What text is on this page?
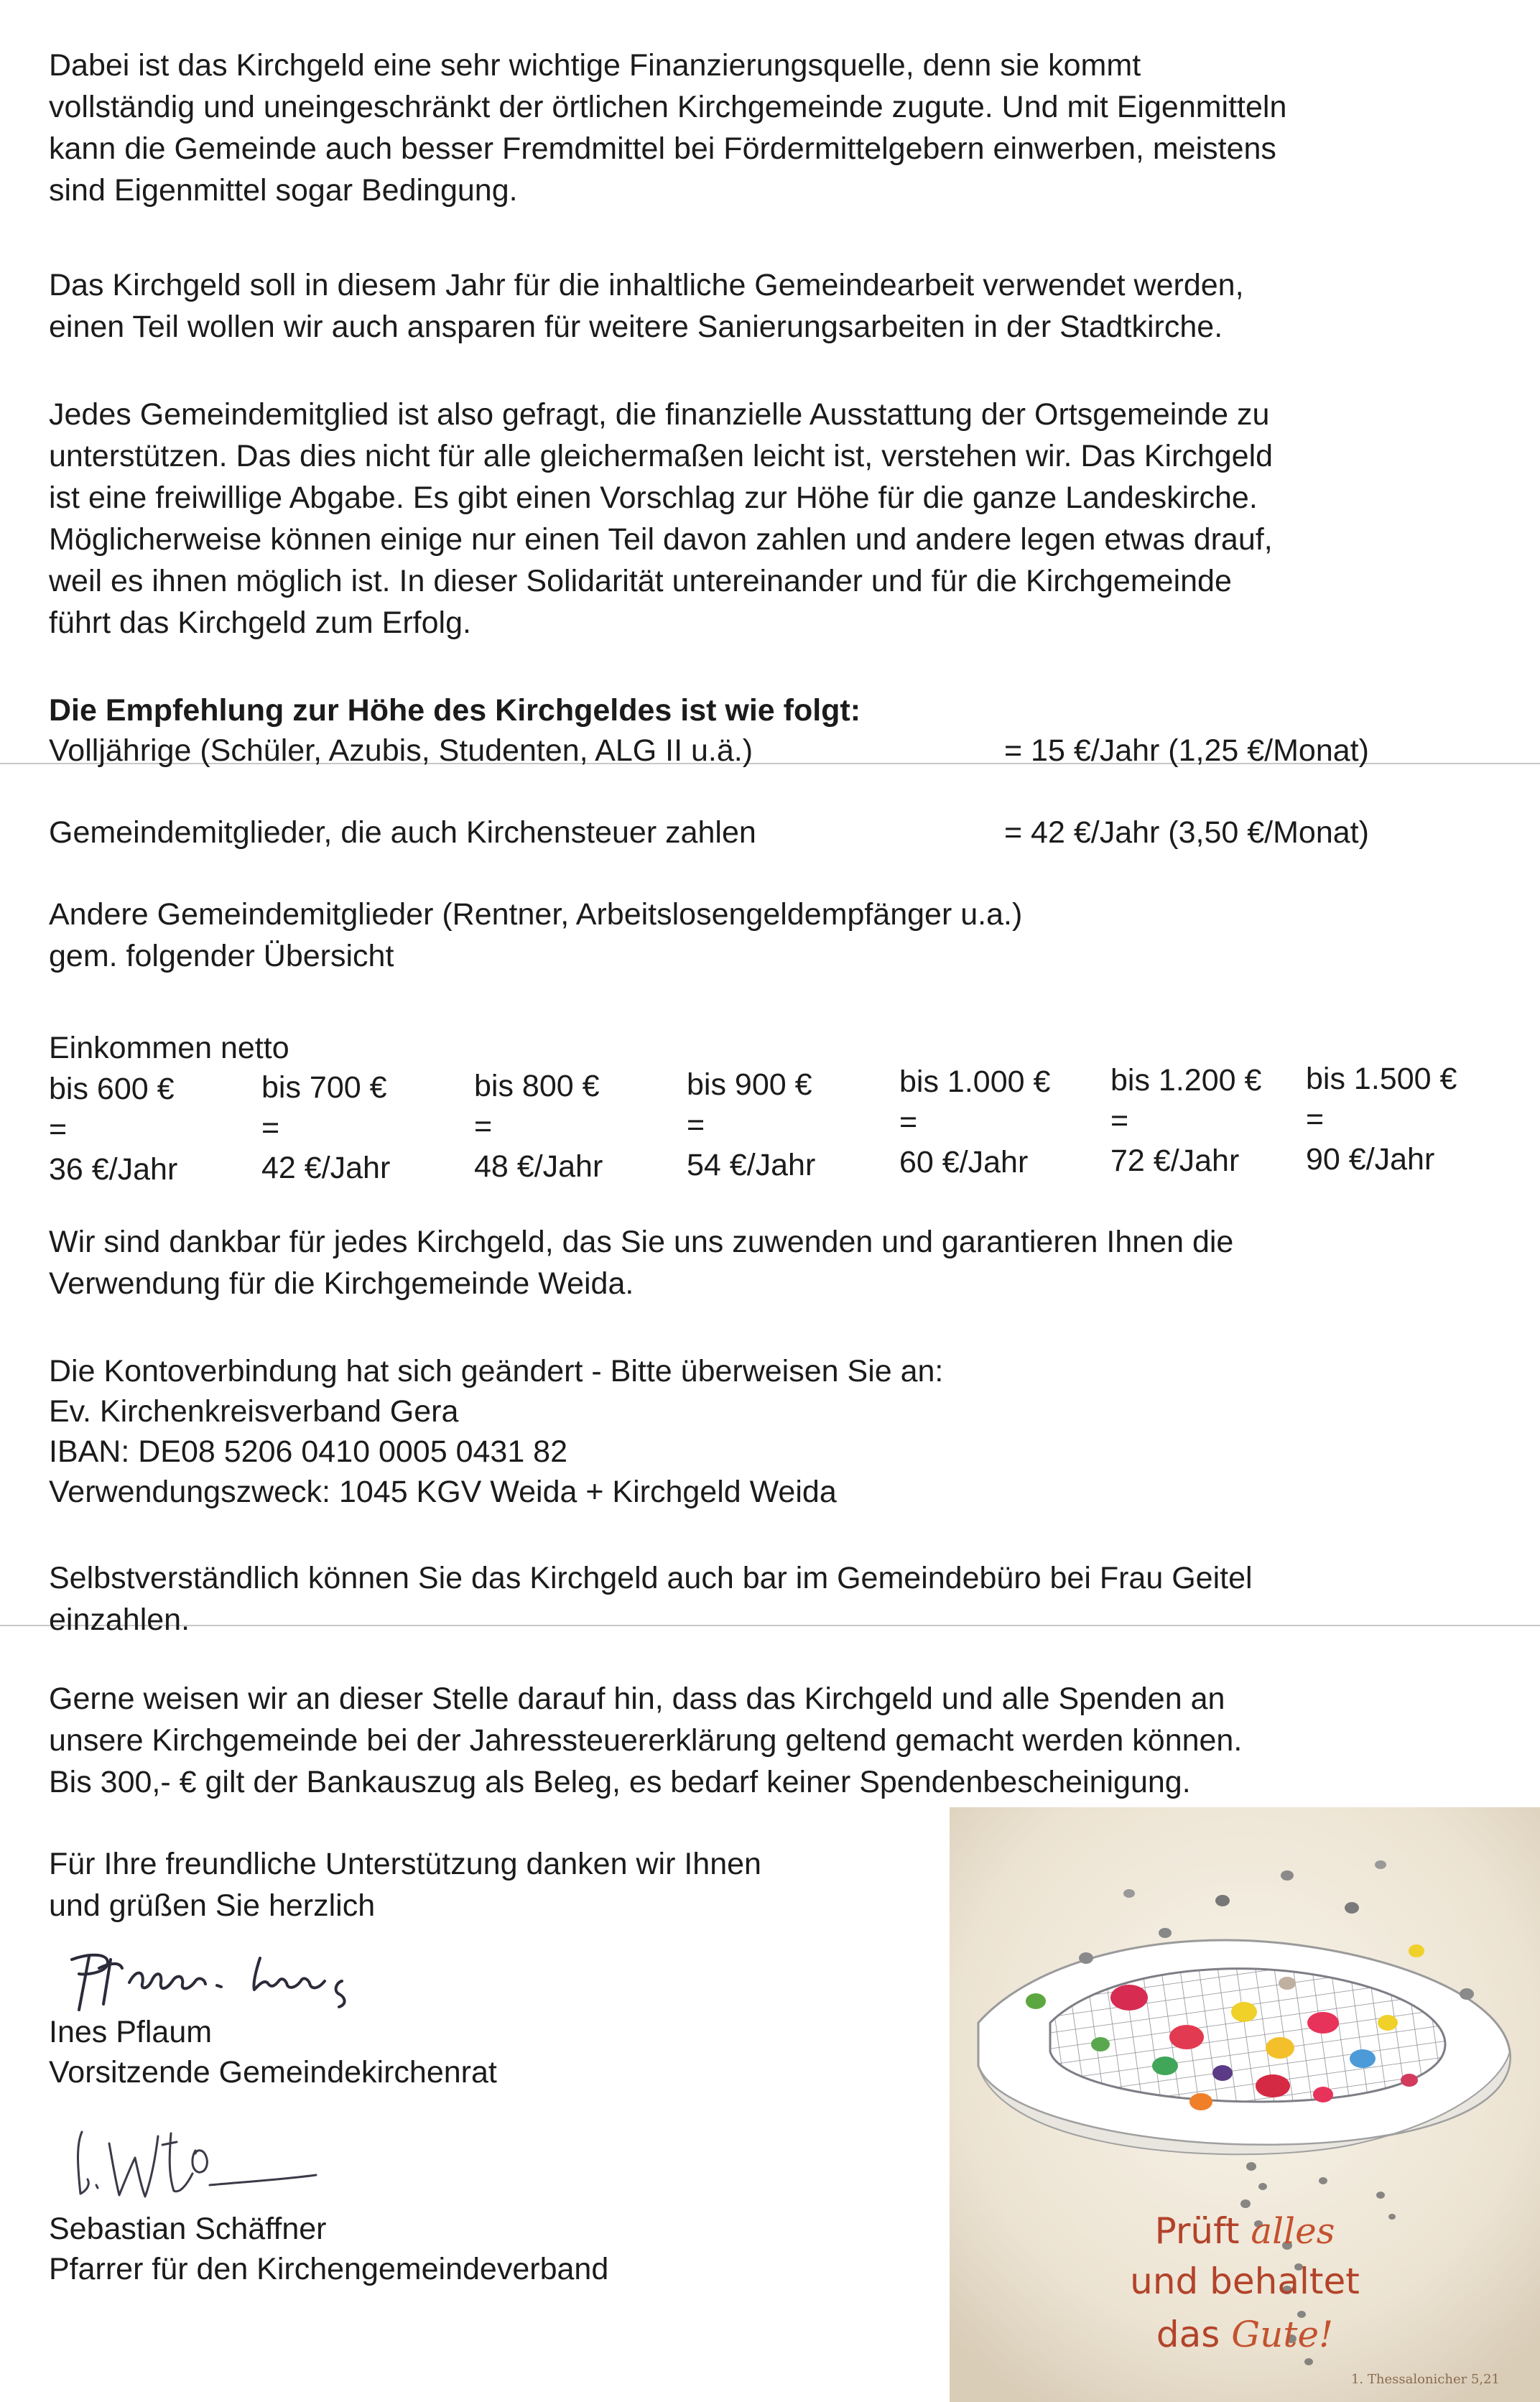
Dabei ist das Kirchgeld eine sehr wichtige Finanzierungsquelle, denn sie kommt
vollständig und uneingeschränkt der örtlichen Kirchgemeinde zugute. Und mit Eigenmitteln
kann die Gemeinde auch besser Fremdmittel bei Fördermittelgebern einwerben, meistens
sind Eigenmittel sogar Bedingung.

Das Kirchgeld soll in diesem Jahr für die inhaltliche Gemeindearbeit verwendet werden,
einen Teil wollen wir auch ansparen für weitere Sanierungsarbeiten in der Stadtkirche.

Jedes Gemeindemitglied ist also gefragt, die finanzielle Ausstattung der Ortsgemeinde zu
unterstützen. Das dies nicht für alle gleichermaßen leicht ist, verstehen wir. Das Kirchgeld
ist eine freiwillige Abgabe. Es gibt einen Vorschlag zur Höhe für die ganze Landeskirche.
Möglicherweise können einige nur einen Teil davon zahlen und andere legen etwas drauf,
weil es ihnen möglich ist. In dieser Solidarität untereinander und für die Kirchgemeinde
führt das Kirchgeld zum Erfolg.

Die Empfehlung zur Höhe des Kirchgeldes ist wie folgt:

Volljährige (Schüler, Azubis, Studenten, ALG II u.ä.)	= 15 €/Jahr (1,25 €/Monat)
Gemeindemitglieder, die auch Kirchensteuer zahlen	= 42 €/Jahr (3,50 €/Monat)

Andere Gemeindemitglieder (Rentner, Arbeitslosengeldempfänger u.a.)
gem. folgender Übersicht

Einkommen netto

bis 600 €
=
36 €/Jahr
bis 700 €
=
42 €/Jahr
bis 800 €
=
48 €/Jahr
bis 900 €
=
54 €/Jahr
bis 1.000 €
=
60 €/Jahr
bis 1.200 €
=
72 €/Jahr
bis 1.500 €
=
90 €/Jahr

Wir sind dankbar für jedes Kirchgeld, das Sie uns zuwenden und garantieren Ihnen die
Verwendung für die Kirchgemeinde Weida.

Die Kontoverbindung hat sich geändert - Bitte überweisen Sie an:
Ev. Kirchenkreisverband Gera
IBAN: DE08 5206 0410 0005 0431 82
Verwendungszweck: 1045 KGV Weida + Kirchgeld Weida

Selbstverständlich können Sie das Kirchgeld auch bar im Gemeindebüro bei Frau Geitel
einzahlen.

Gerne weisen wir an dieser Stelle darauf hin, dass das Kirchgeld und alle Spenden an
unsere Kirchgemeinde bei der Jahressteuererklärung geltend gemacht werden können.
Bis 300,- € gilt der Bankauszug als Beleg, es bedarf keiner Spendenbescheinigung.

Für Ihre freundliche Unterstützung danken wir Ihnen
und grüßen Sie herzlich

Ines Pflaum
Vorsitzende Gemeindekirchenrat
Sebastian Schäffner
Pfarrer für den Kirchengemeindeverband
Prüft alles
und behaltet
das Gute!
1. Thessalonicher 5,21
